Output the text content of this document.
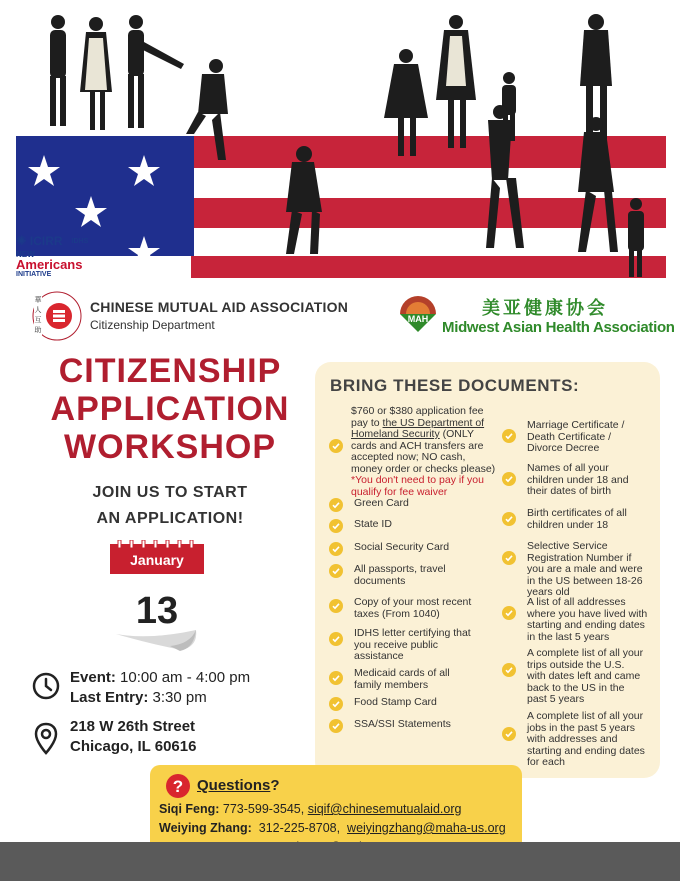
✺ ICIRR IDHS
NEW
Americans
INITIATIVE
華
人
互
助
CHINESE MUTUAL AID ASSOCIATION
Citizenship Department	MAH	美亚健康协会
Midwest Asian Health Association
CITIZENSHIP
APPLICATION
WORKSHOP
JOIN US TO START
AN APPLICATION!
January
13
Event: 10:00 am - 4:00 pm
Last Entry: 3:30 pm
218 W 26th Street
Chicago, IL 60616
BRING THESE DOCUMENTS:
$760 or $380 application fee
pay to the US Department of
Homeland Security (ONLY
cards and ACH transfers are
accepted now; NO cash,
money order or checks please)
*You don't need to pay if you
qualify for fee waiver
Green Card
State ID
Social Security Card
All passports, travel
documents
Copy of your most recent
taxes (From 1040)
IDHS letter certifying that
you receive public
assistance
Medicaid cards of all
family members
Food Stamp Card
SSA/SSI Statements
Marriage Certificate /
Death Certificate /
Divorce Decree
Names of all your
children under 18 and
their dates of birth
Birth certificates of all
children under 18
Selective Service
Registration Number if
you are a male and were
in the US between 18-26
years old
A list of all addresses
where you have lived with
starting and ending dates
in the last 5 years
A complete list of all your
trips outside the U.S.
with dates left and came
back to the US in the
past 5 years
A complete list of all your
jobs in the past 5 years
with addresses and
starting and ending dates
for each
? Questions?
Siqi Feng: 773-599-3545, siqif@chinesemutualaid.org
Weiying Zhang:  312-225-8708,  weiyingzhang@maha-us.org
